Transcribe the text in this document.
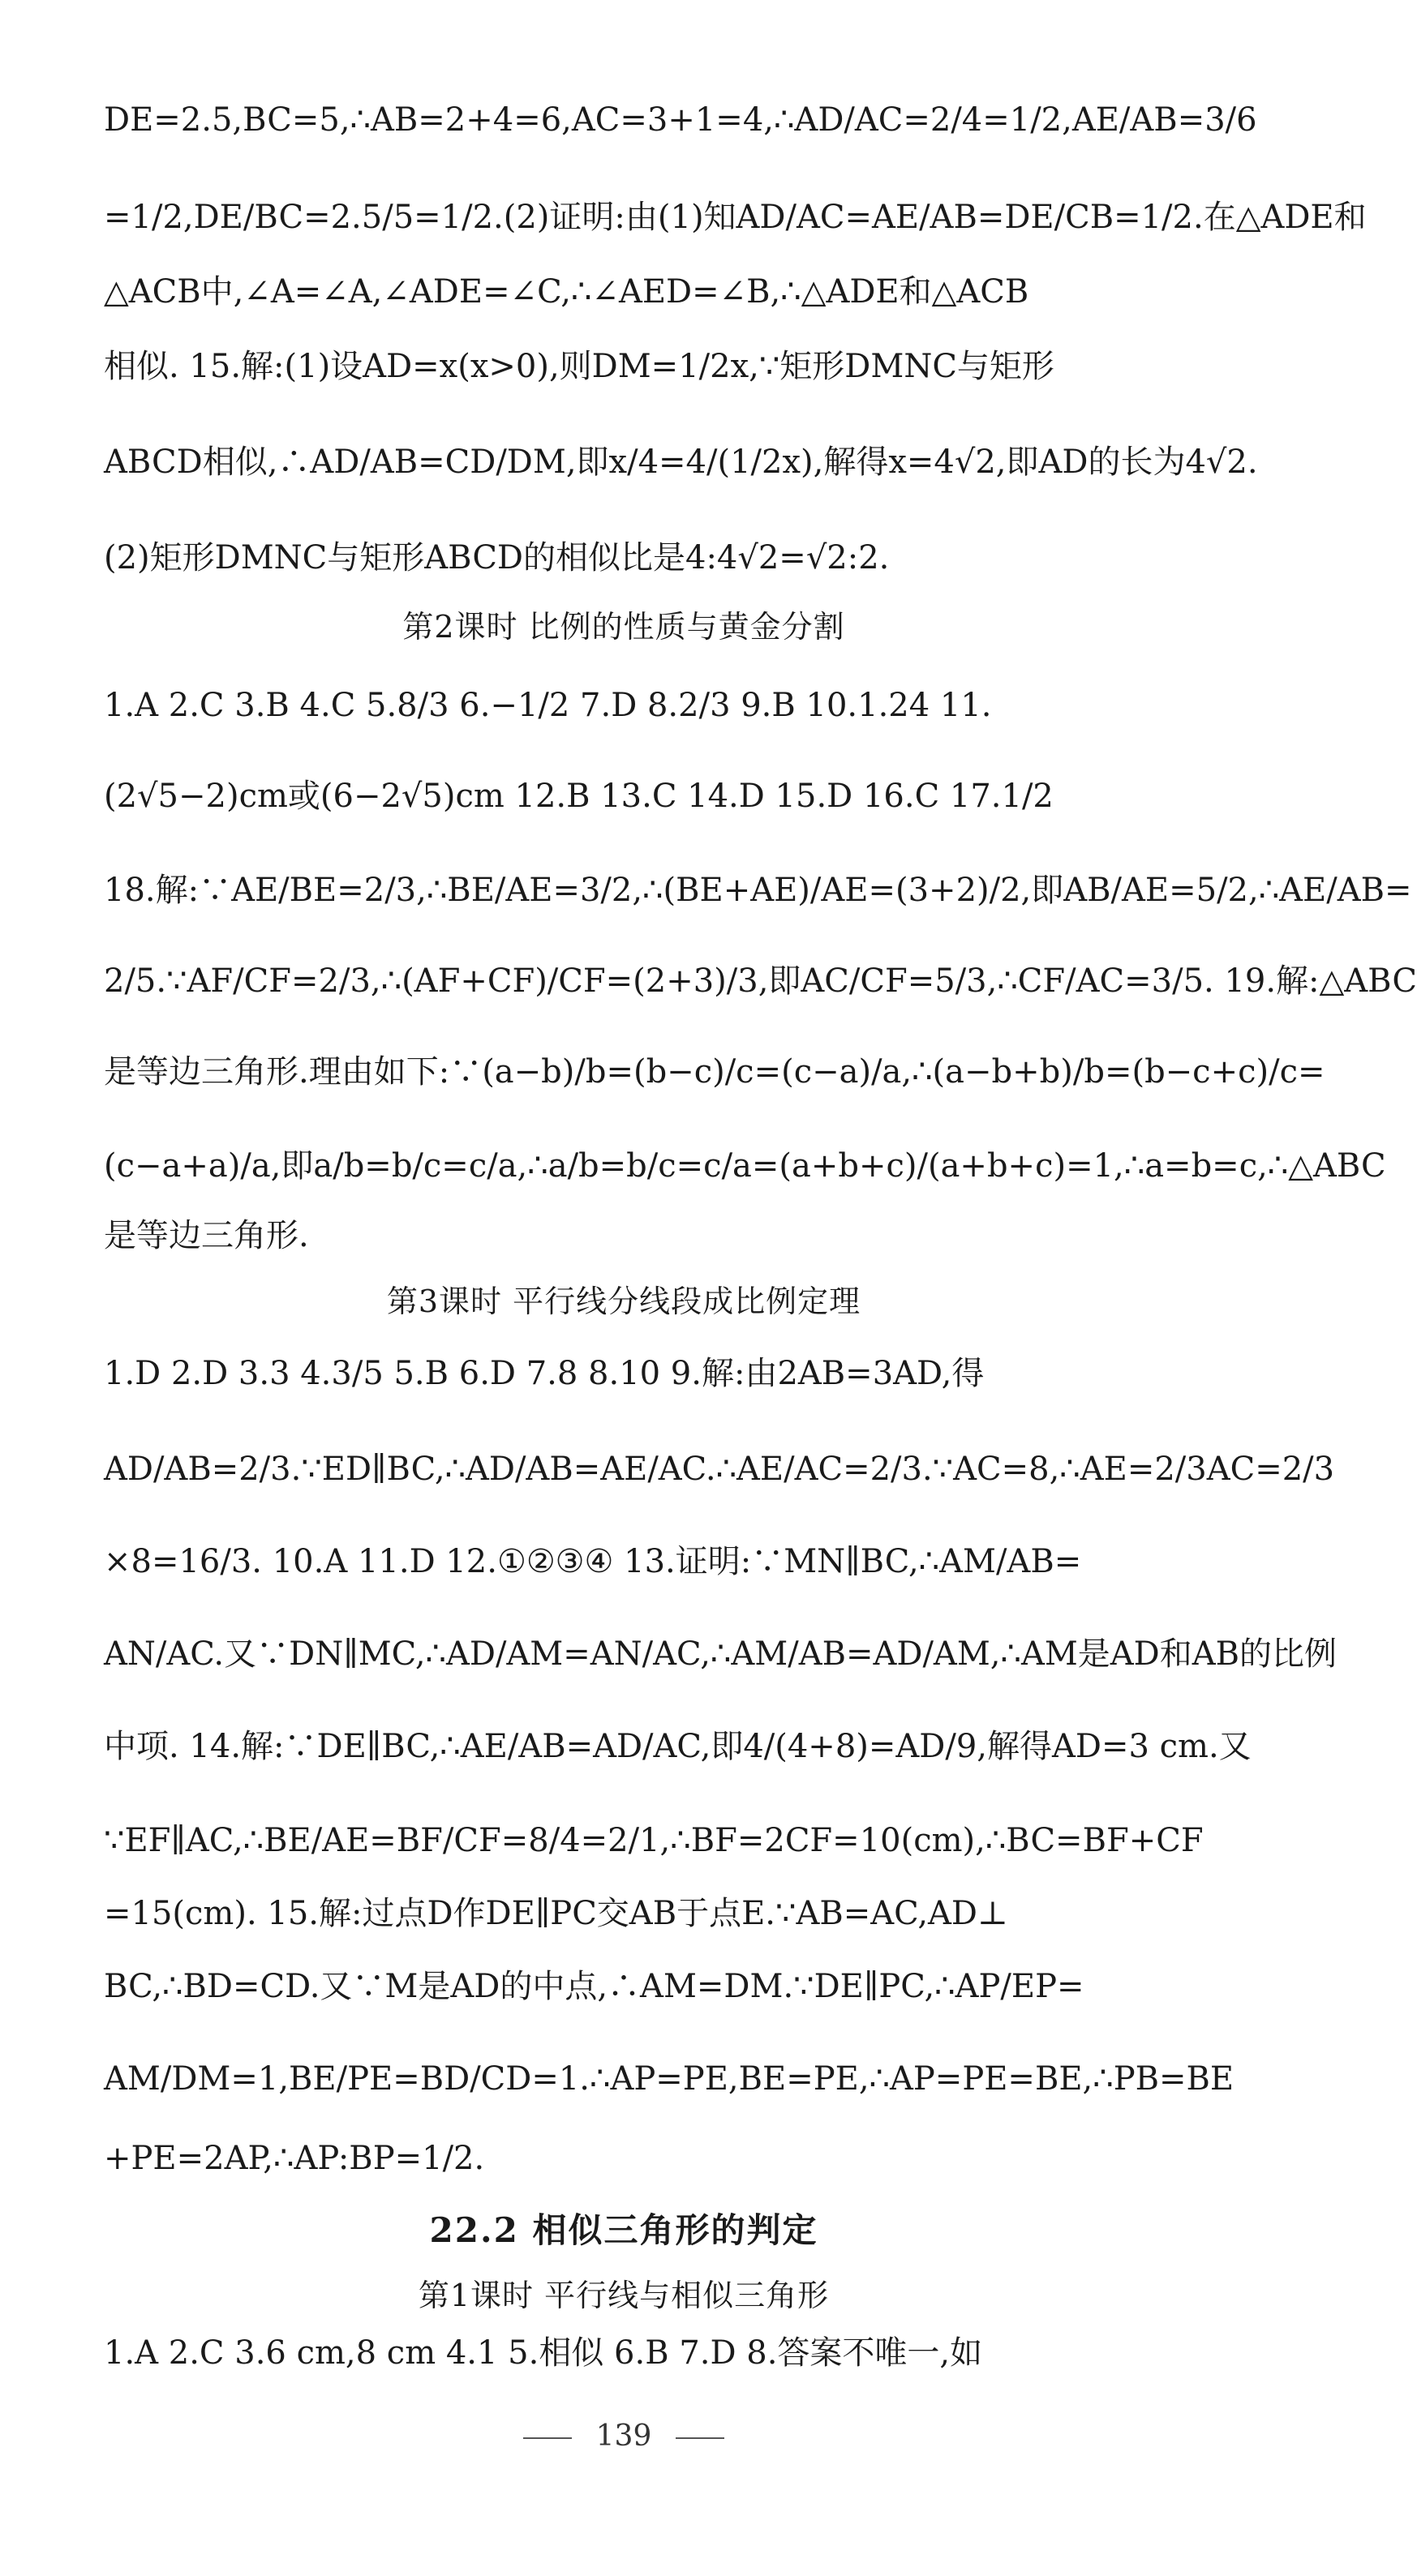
DE=2.5,BC=5,∴AB=2+4=6,AC=3+1=4,∴AD/AC=2/4=1/2,AE/AB=3/6
=1/2,DE/BC=2.5/5=1/2.(2)证明:由(1)知AD/AC=AE/AB=DE/CB=1/2.在△ADE和
△ACB中,∠A=∠A,∠ADE=∠C,∴∠AED=∠B,∴△ADE和△ACB
相似. 15.解:(1)设AD=x(x>0),则DM=1/2x,∵矩形DMNC与矩形
ABCD相似,∴AD/AB=CD/DM,即x/4=4/(1/2x),解得x=4√2,即AD的长为4√2.
(2)矩形DMNC与矩形ABCD的相似比是4:4√2=√2:2.
第2课时 比例的性质与黄金分割
1.A 2.C 3.B 4.C 5.8/3 6.−1/2 7.D 8.2/3 9.B 10.1.24 11.
(2√5−2)cm或(6−2√5)cm 12.B 13.C 14.D 15.D 16.C 17.1/2
18.解:∵AE/BE=2/3,∴BE/AE=3/2,∴(BE+AE)/AE=(3+2)/2,即AB/AE=5/2,∴AE/AB=
2/5.∵AF/CF=2/3,∴(AF+CF)/CF=(2+3)/3,即AC/CF=5/3,∴CF/AC=3/5. 19.解:△ABC
是等边三角形.理由如下:∵(a−b)/b=(b−c)/c=(c−a)/a,∴(a−b+b)/b=(b−c+c)/c=
(c−a+a)/a,即a/b=b/c=c/a,∴a/b=b/c=c/a=(a+b+c)/(a+b+c)=1,∴a=b=c,∴△ABC
是等边三角形.
第3课时 平行线分线段成比例定理
1.D 2.D 3.3 4.3/5 5.B 6.D 7.8 8.10 9.解:由2AB=3AD,得
AD/AB=2/3.∵ED∥BC,∴AD/AB=AE/AC.∴AE/AC=2/3.∵AC=8,∴AE=2/3AC=2/3
×8=16/3. 10.A 11.D 12.①②③④ 13.证明:∵MN∥BC,∴AM/AB=
AN/AC.又∵DN∥MC,∴AD/AM=AN/AC,∴AM/AB=AD/AM,∴AM是AD和AB的比例
中项. 14.解:∵DE∥BC,∴AE/AB=AD/AC,即4/(4+8)=AD/9,解得AD=3 cm.又
∵EF∥AC,∴BE/AE=BF/CF=8/4=2/1,∴BF=2CF=10(cm),∴BC=BF+CF
=15(cm). 15.解:过点D作DE∥PC交AB于点E.∵AB=AC,AD⊥
BC,∴BD=CD.又∵M是AD的中点,∴AM=DM.∵DE∥PC,∴AP/EP=
AM/DM=1,BE/PE=BD/CD=1.∴AP=PE,BE=PE,∴AP=PE=BE,∴PB=BE
+PE=2AP,∴AP:BP=1/2.
22.2 相似三角形的判定
第1课时 平行线与相似三角形
1.A 2.C 3.6 cm,8 cm 4.1 5.相似 6.B 7.D 8.答案不唯一,如
139
